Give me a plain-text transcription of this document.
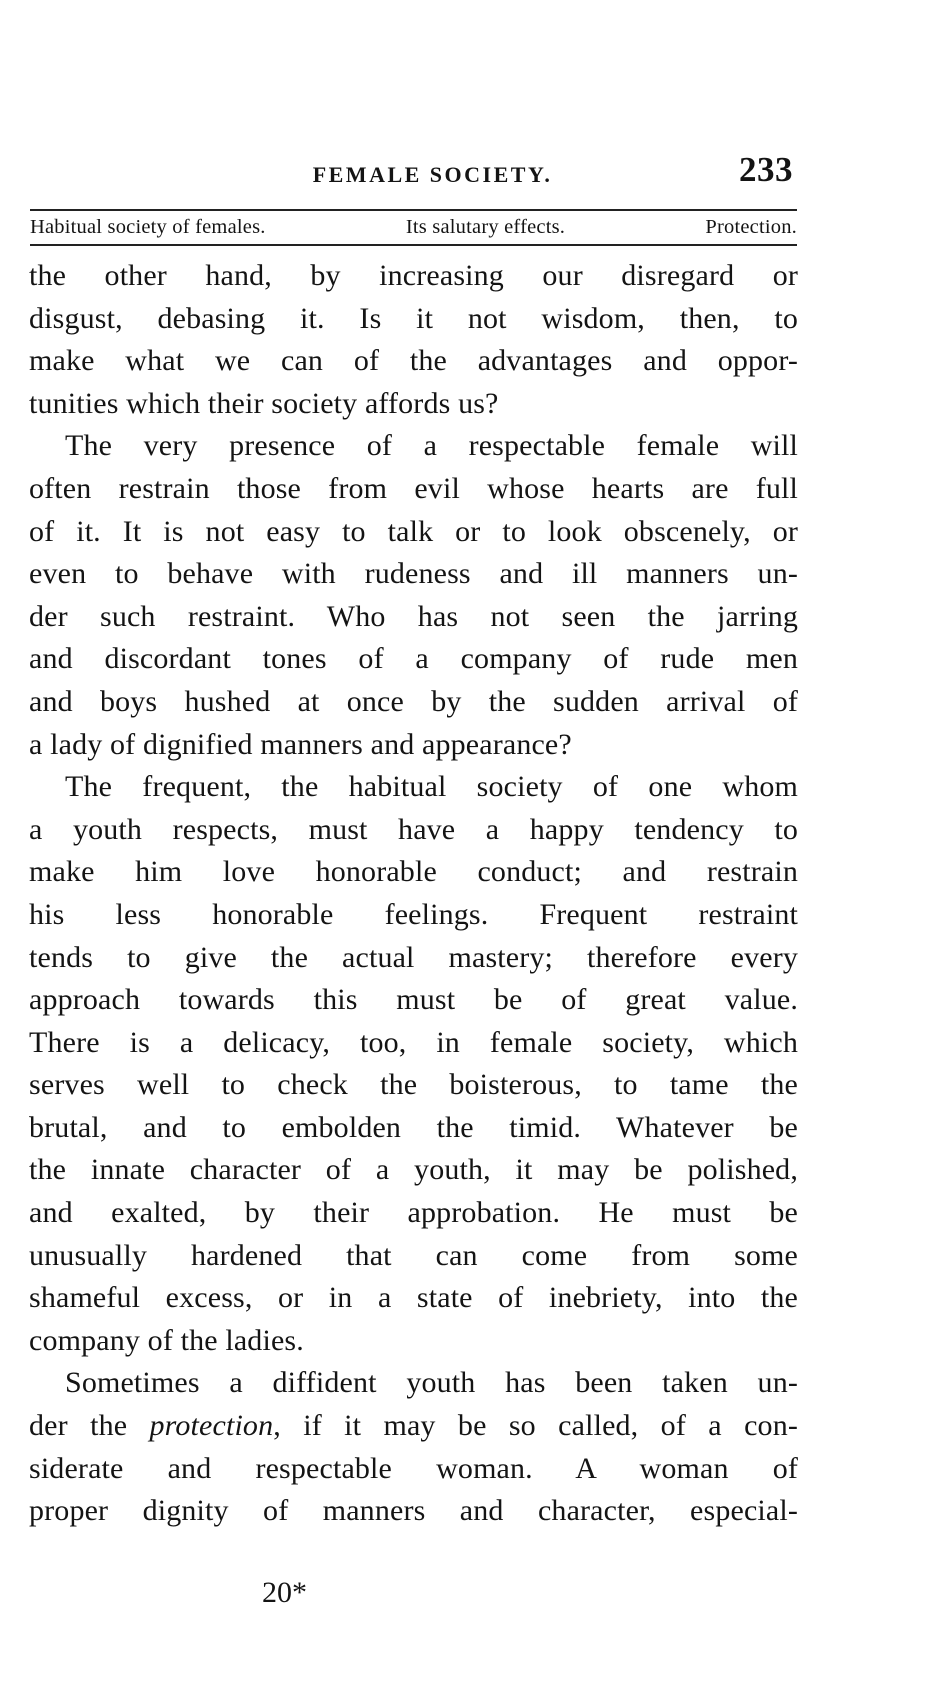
FEMALE SOCIETY.	233
Habitual society of females.	Its salutary effects.	Protection.
the other hand, by increasing our disregard or
disgust, debasing it. Is it not wisdom, then, to
make what we can of the advantages and oppor-
tunities which their society affords us?
The very presence of a respectable female will
often restrain those from evil whose hearts are full
of it. It is not easy to talk or to look obscenely, or
even to behave with rudeness and ill manners un-
der such restraint. Who has not seen the jarring
and discordant tones of a company of rude men
and boys hushed at once by the sudden arrival of
a lady of dignified manners and appearance?
The frequent, the habitual society of one whom
a youth respects, must have a happy tendency to
make him love honorable conduct; and restrain
his less honorable feelings. Frequent restraint
tends to give the actual mastery; therefore every
approach towards this must be of great value.
There is a delicacy, too, in female society, which
serves well to check the boisterous, to tame the
brutal, and to embolden the timid. Whatever be
the innate character of a youth, it may be polished,
and exalted, by their approbation. He must be
unusually hardened that can come from some
shameful excess, or in a state of inebriety, into the
company of the ladies.
Sometimes a diffident youth has been taken un-
der the protection, if it may be so called, of a con-
siderate and respectable woman. A woman of
proper dignity of manners and character, especial-
20*
